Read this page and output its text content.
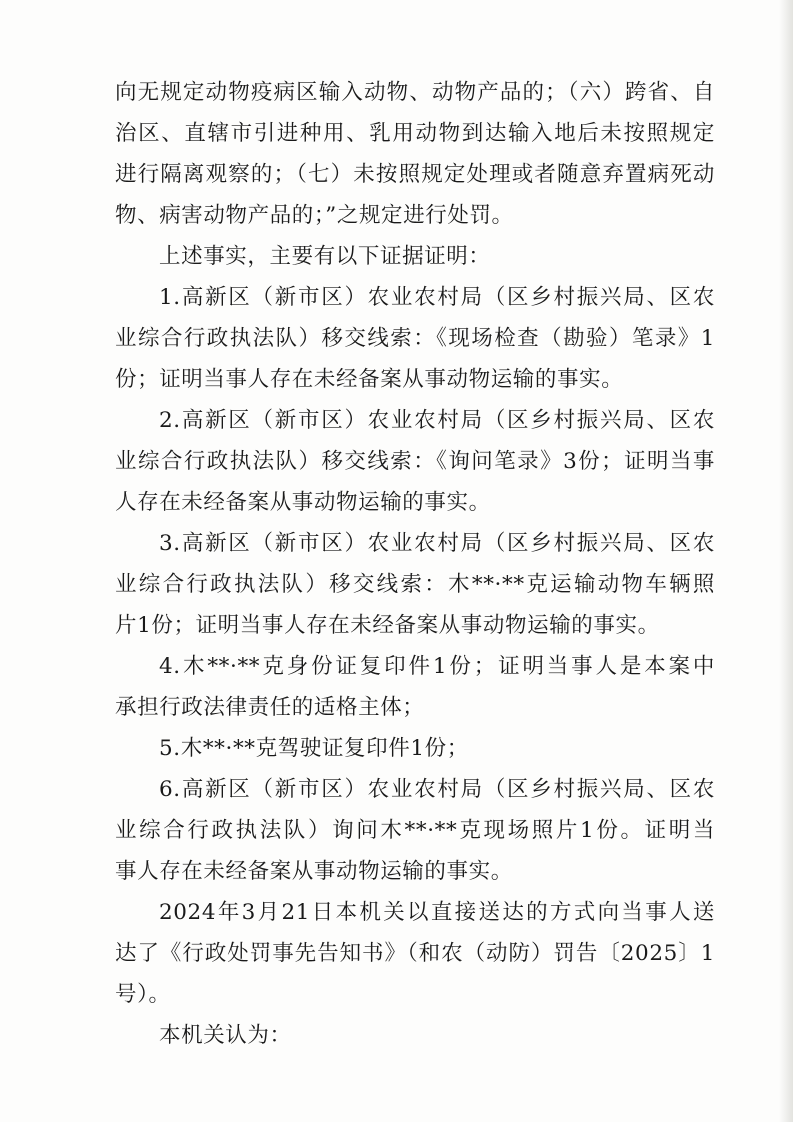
向无规定动物疫病区输入动物、动物产品的；（六）跨省、自
治区、直辖市引进种用、乳用动物到达输入地后未按照规定
进行隔离观察的；（七）未按照规定处理或者随意弃置病死动
物、病害动物产品的；”之规定进行处罚。
上述事实，主要有以下证据证明：
1.高新区（新市区）农业农村局（区乡村振兴局、区农
业综合行政执法队）移交线索：《现场检查（勘验）笔录》1
份；证明当事人存在未经备案从事动物运输的事实。
2.高新区（新市区）农业农村局（区乡村振兴局、区农
业综合行政执法队）移交线索：《询问笔录》3份；证明当事
人存在未经备案从事动物运输的事实。
3.高新区（新市区）农业农村局（区乡村振兴局、区农
业综合行政执法队）移交线索：木**·**克运输动物车辆照
片1份；证明当事人存在未经备案从事动物运输的事实。
4.木**·**克身份证复印件1份；证明当事人是本案中
承担行政法律责任的适格主体；
5.木**·**克驾驶证复印件1份；
6.高新区（新市区）农业农村局（区乡村振兴局、区农
业综合行政执法队）询问木**·**克现场照片1份。证明当
事人存在未经备案从事动物运输的事实。
2024年3月21日本机关以直接送达的方式向当事人送
达了《行政处罚事先告知书》（和农（动防）罚告〔2025〕1
号）。
本机关认为：
